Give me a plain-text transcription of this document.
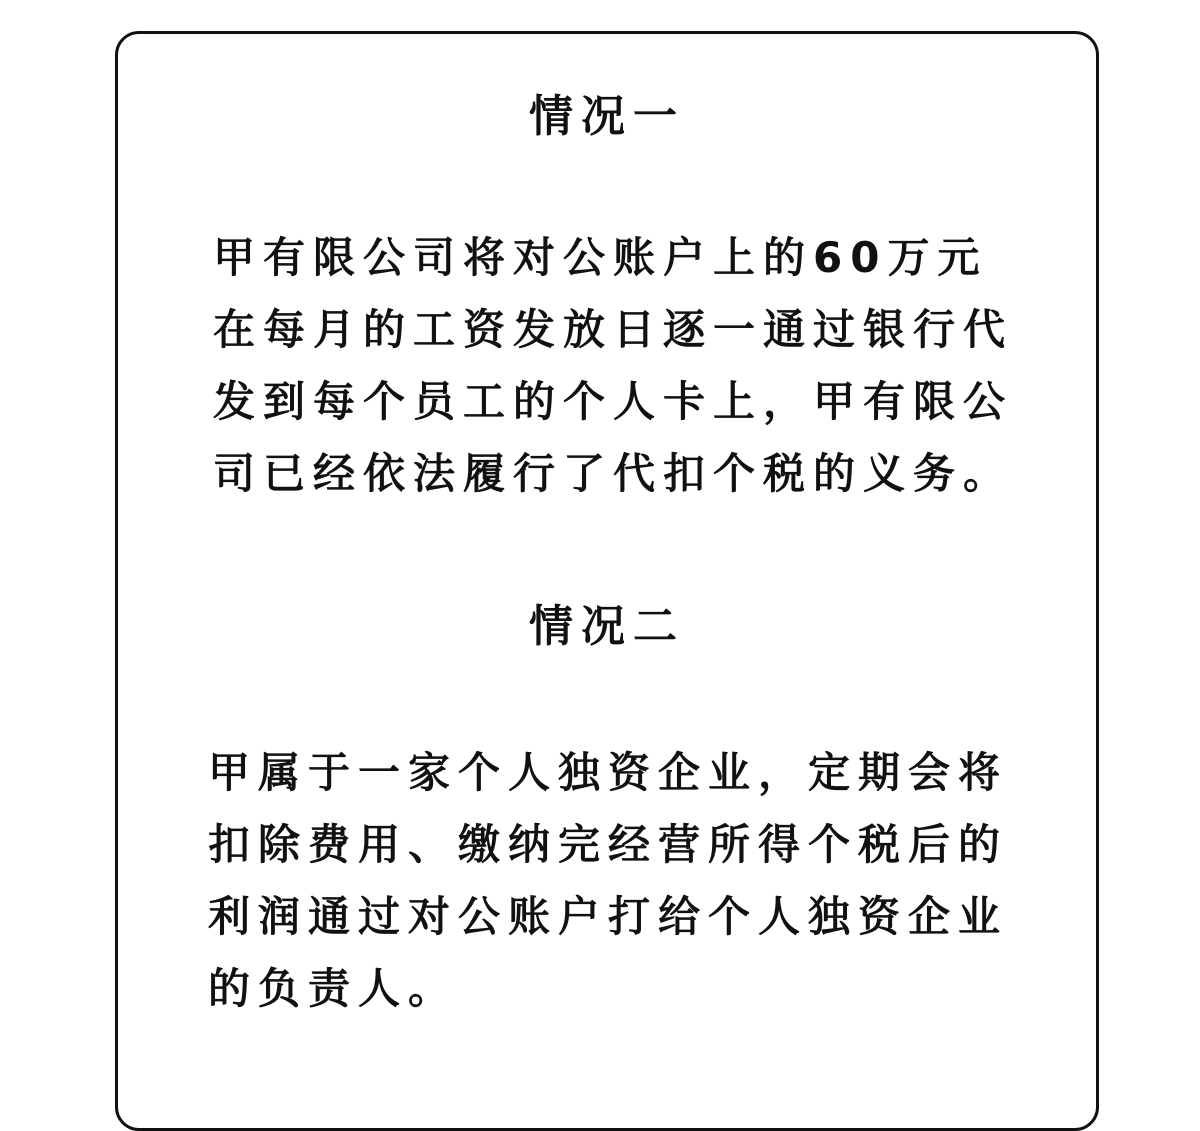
情况一

甲有限公司将对公账户上的60万元
在每月的工资发放日逐一通过银行代
发到每个员工的个人卡上，甲有限公
司已经依法履行了代扣个税的义务。

情况二

甲属于一家个人独资企业，定期会将
扣除费用、缴纳完经营所得个税后的
利润通过对公账户打给个人独资企业
的负责人。
